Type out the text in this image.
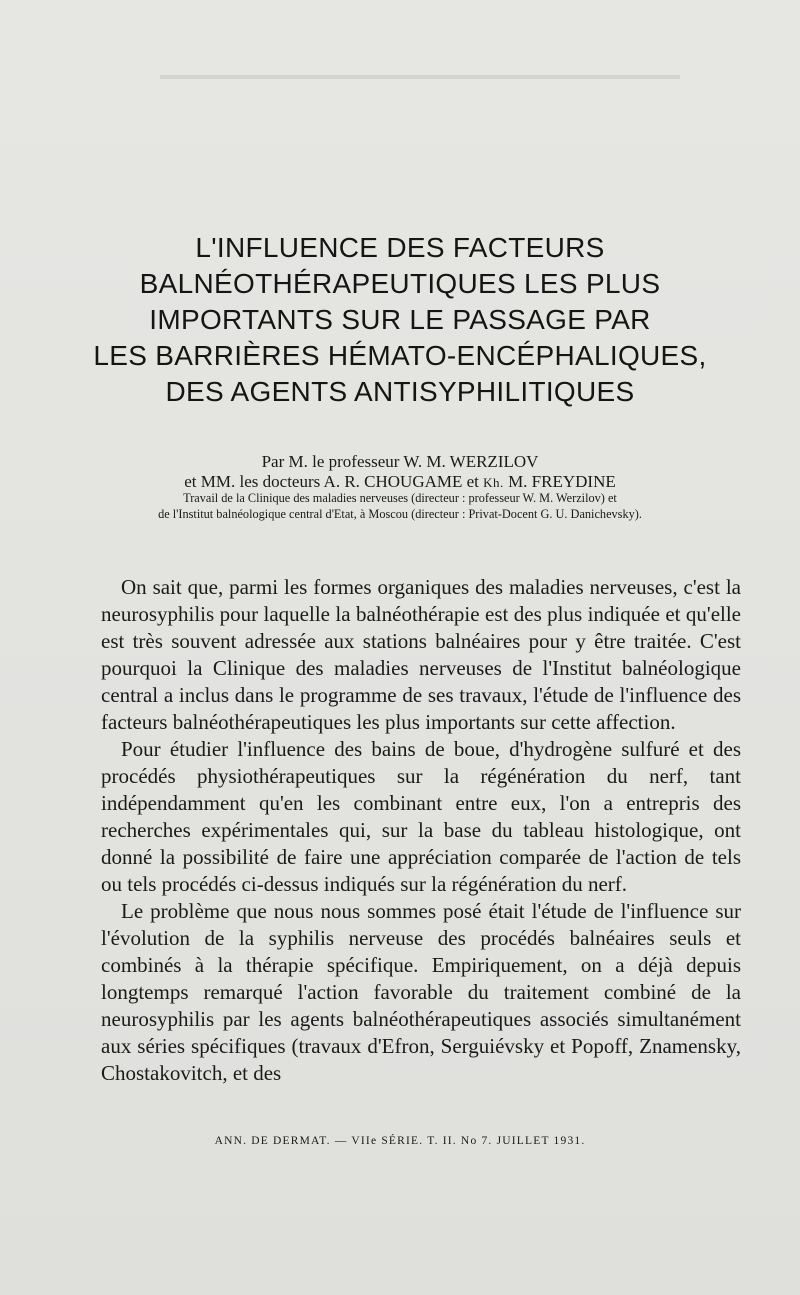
L'INFLUENCE DES FACTEURS
BALNÉOTHÉRAPEUTIQUES LES PLUS
IMPORTANTS SUR LE PASSAGE PAR
LES BARRIÈRES HÉMATO-ENCÉPHALIQUES,
DES AGENTS ANTISYPHILITIQUES
Par M. le professeur W. M. WERZILOV
et MM. les docteurs A. R. CHOUGAME et Kh. M. FREYDINE
Travail de la Clinique des maladies nerveuses (directeur : professeur W. M. Werzilov) et
de l'Institut balnéologique central d'Etat, à Moscou (directeur : Privat-Docent G. U. Danichevsky).

On sait que, parmi les formes organiques des maladies nerveuses, c'est la neurosyphilis pour laquelle la balnéothérapie est des plus indiquée et qu'elle est très souvent adressée aux stations balnéaires pour y être traitée. C'est pourquoi la Clinique des maladies nerveuses de l'Institut balnéologique central a inclus dans le programme de ses travaux, l'étude de l'influence des facteurs balnéothérapeutiques les plus importants sur cette affection.

Pour étudier l'influence des bains de boue, d'hydrogène sulfuré et des procédés physiothérapeutiques sur la régénération du nerf, tant indépendamment qu'en les combinant entre eux, l'on a entrepris des recherches expérimentales qui, sur la base du tableau histologique, ont donné la possibilité de faire une appréciation comparée de l'action de tels ou tels procédés ci-dessus indiqués sur la régénération du nerf.

Le problème que nous nous sommes posé était l'étude de l'influence sur l'évolution de la syphilis nerveuse des procédés balnéaires seuls et combinés à la thérapie spécifique. Empiriquement, on a déjà depuis longtemps remarqué l'action favorable du traitement combiné de la neurosyphilis par les agents balnéothérapeutiques associés simultanément aux séries spécifiques (travaux d'Efron, Serguiévsky et Popoff, Znamensky, Chostakovitch, et des

ANN. DE DERMAT. — VIIe SÉRIE. T. II. No 7. JUILLET 1931.
